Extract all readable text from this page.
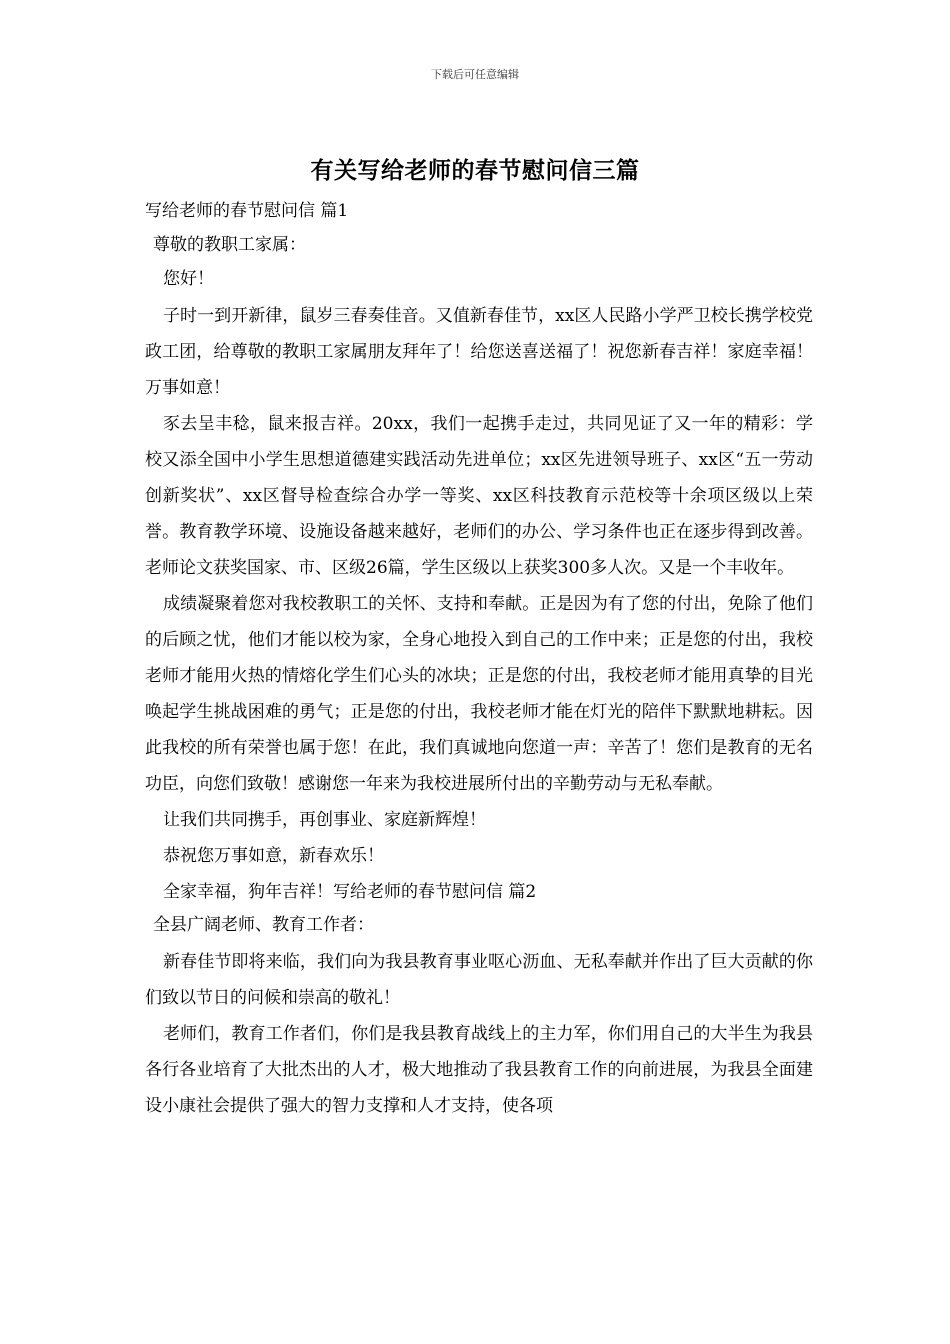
下载后可任意编辑
有关写给老师的春节慰问信三篇

写给老师的春节慰问信 篇1

尊敬的教职工家属：

您好！

子时一到开新律，鼠岁三春奏佳音。又值新春佳节，xx区人民路小学严卫校长携学校党政工团，给尊敬的教职工家属朋友拜年了！给您送喜送福了！祝您新春吉祥！家庭幸福！万事如意！

豕去呈丰稔，鼠来报吉祥。20xx，我们一起携手走过，共同见证了又一年的精彩：学校又添全国中小学生思想道德建实践活动先进单位；xx区先进领导班子、xx区“五一劳动创新奖状”、xx区督导检查综合办学一等奖、xx区科技教育示范校等十余项区级以上荣誉。教育教学环境、设施设备越来越好，老师们的办公、学习条件也正在逐步得到改善。老师论文获奖国家、市、区级26篇，学生区级以上获奖300多人次。又是一个丰收年。

成绩凝聚着您对我校教职工的关怀、支持和奉献。正是因为有了您的付出，免除了他们的后顾之忧，他们才能以校为家，全身心地投入到自己的工作中来；正是您的付出，我校老师才能用火热的情熔化学生们心头的冰块；正是您的付出，我校老师才能用真挚的目光唤起学生挑战困难的勇气；正是您的付出，我校老师才能在灯光的陪伴下默默地耕耘。因此我校的所有荣誉也属于您！在此，我们真诚地向您道一声：辛苦了！您们是教育的无名功臣，向您们致敬！感谢您一年来为我校进展所付出的辛勤劳动与无私奉献。

让我们共同携手，再创事业、家庭新辉煌！

恭祝您万事如意，新春欢乐！

全家幸福，狗年吉祥！写给老师的春节慰问信 篇2

全县广阔老师、教育工作者：

新春佳节即将来临，我们向为我县教育事业呕心沥血、无私奉献并作出了巨大贡献的你们致以节日的问候和崇高的敬礼！

老师们，教育工作者们，你们是我县教育战线上的主力军，你们用自己的大半生为我县各行各业培育了大批杰出的人才，极大地推动了我县教育工作的向前进展，为我县全面建设小康社会提供了强大的智力支撑和人才支持，使各项
